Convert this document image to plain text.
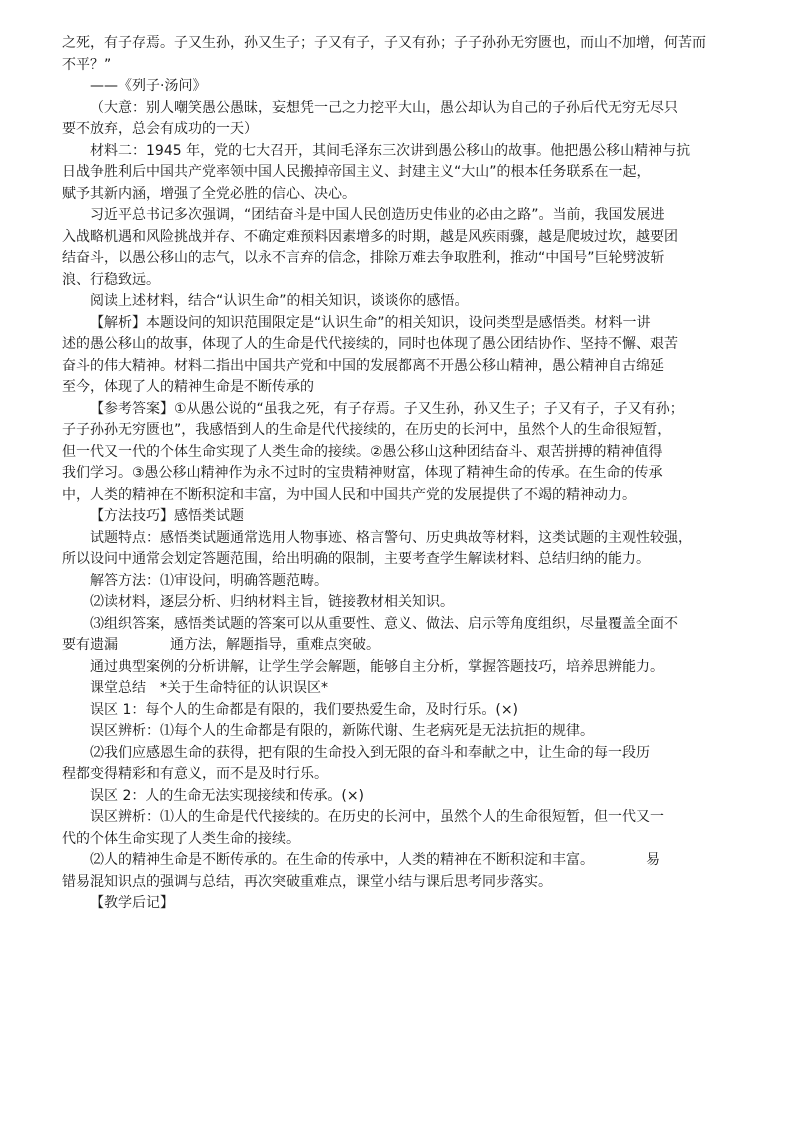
之死，有子存焉。子又生孙，孙又生子；子又有子，子又有孙；子子孙孙无穷匮也，而山不加增，何苦而

不平？”

——《列子·汤问》

（大意：别人嘲笑愚公愚昧，妄想凭一己之力挖平大山，愚公却认为自己的子孙后代无穷无尽只

要不放弃，总会有成功的一天）

材料二：1945 年，党的七大召开，其间毛泽东三次讲到愚公移山的故事。他把愚公移山精神与抗

日战争胜利后中国共产党率领中国人民搬掉帝国主义、封建主义“大山”的根本任务联系在一起，

赋予其新内涵，增强了全党必胜的信心、决心。

习近平总书记多次强调，“团结奋斗是中国人民创造历史伟业的必由之路”。当前，我国发展进

入战略机遇和风险挑战并存、不确定难预料因素增多的时期，越是风疾雨骤，越是爬坡过坎，越要团

结奋斗，以愚公移山的志气，以永不言弃的信念，排除万难去争取胜利，推动“中国号”巨轮劈波斩

浪、行稳致远。

阅读上述材料，结合“认识生命”的相关知识，谈谈你的感悟。

【解析】本题设问的知识范围限定是“认识生命”的相关知识，设问类型是感悟类。材料一讲

述的愚公移山的故事，体现了人的生命是代代接续的，同时也体现了愚公团结协作、坚持不懈、艰苦

奋斗的伟大精神。材料二指出中国共产党和中国的发展都离不开愚公移山精神，愚公精神自古绵延

至今，体现了人的精神生命是不断传承的

【参考答案】①从愚公说的“虽我之死，有子存焉。子又生孙，孙又生子；子又有子，子又有孙；

子子孙孙无穷匮也”，我感悟到人的生命是代代接续的，在历史的长河中，虽然个人的生命很短暂，

但一代又一代的个体生命实现了人类生命的接续。②愚公移山这种团结奋斗、艰苦拼搏的精神值得

我们学习。③愚公移山精神作为永不过时的宝贵精神财富，体现了精神生命的传承。在生命的传承

中，人类的精神在不断积淀和丰富，为中国人民和中国共产党的发展提供了不竭的精神动力。

【方法技巧】感悟类试题

试题特点：感悟类试题通常选用人物事迹、格言警句、历史典故等材料，这类试题的主观性较强，

所以设问中通常会划定答题范围，给出明确的限制，主要考查学生解读材料、总结归纳的能力。

解答方法：⑴审设问，明确答题范畴。

⑵读材料，逐层分析、归纳材料主旨，链接教材相关知识。

⑶组织答案，感悟类试题的答案可以从重要性、意义、做法、启示等角度组织，尽量覆盖全面不

要有遗漏	通方法，解题指导，重难点突破。

通过典型案例的分析讲解，让学生学会解题，能够自主分析，掌握答题技巧，培养思辨能力。

课堂总结　*关于生命特征的认识误区*

误区 1：每个人的生命都是有限的，我们要热爱生命，及时行乐。(×)

误区辨析：⑴每个人的生命都是有限的，新陈代谢、生老病死是无法抗拒的规律。

⑵我们应感恩生命的获得，把有限的生命投入到无限的奋斗和奉献之中，让生命的每一段历

程都变得精彩和有意义，而不是及时行乐。

误区 2：人的生命无法实现接续和传承。(×)

误区辨析：⑴人的生命是代代接续的。在历史的长河中，虽然个人的生命很短暂，但一代又一

代的个体生命实现了人类生命的接续。

⑵人的精神生命是不断传承的。在生命的传承中，人类的精神在不断积淀和丰富。	易

错易混知识点的强调与总结，再次突破重难点，课堂小结与课后思考同步落实。

【教学后记】
